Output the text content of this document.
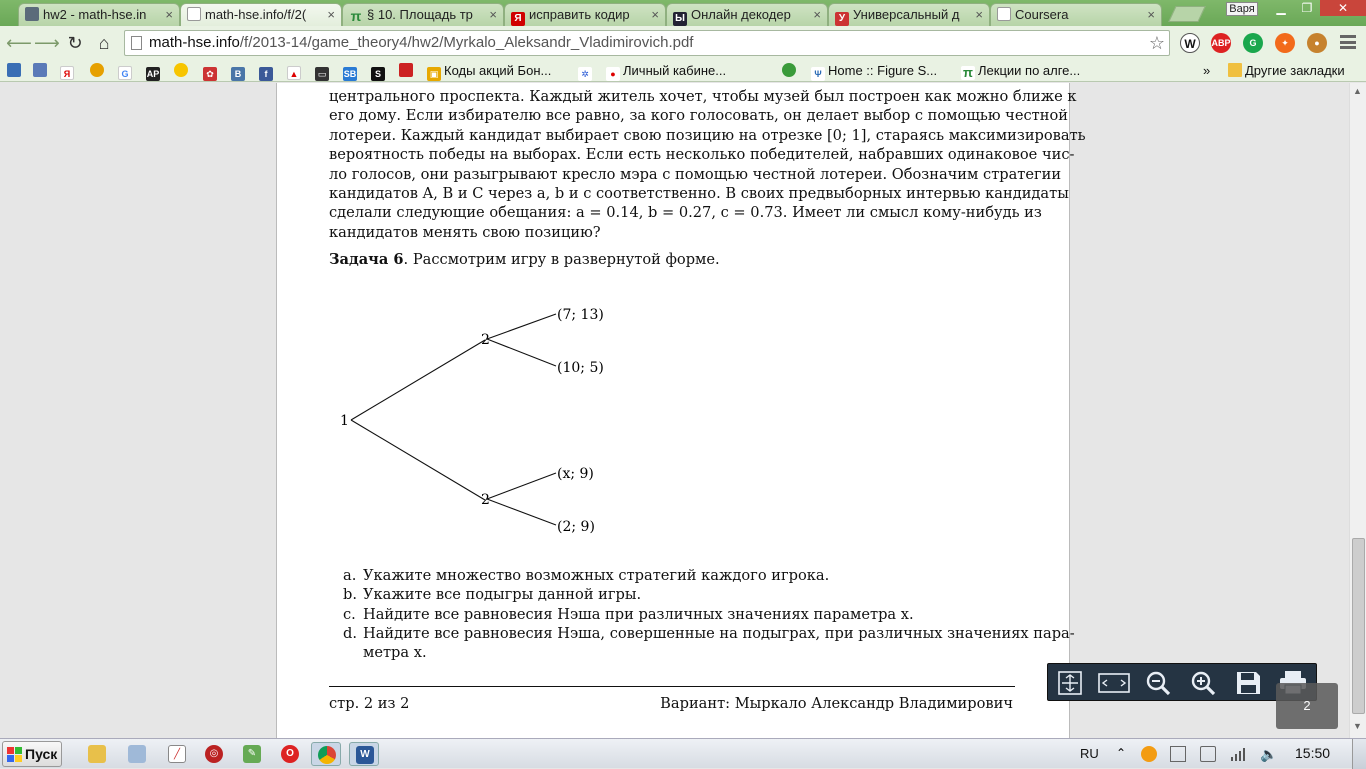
hw2 - math-hse.in ×	math-hse.info/f/2( ×	π § 10. Площадь тр ×	Я исправить кодир ×	Ы Онлайн декодер ×	У Универсальный д ×	Coursera	×	Варя	▁	❐	✕
⟵ ⟶ ↻ ⌂	math-hse.info/f/2013-14/game_theory4/hw2/Myrkalo_Aleksandr_Vladimirovich.pdf	☆	W	ABP	G	✦	●
Я	G	AP	✿	B	f	▲	▭	SB	S	▣ Коды акций Бон...	✲	● Личный кабине...	Ψ Home :: Figure S... π Лекции по алге...	»	Другие закладки
центрального проспекта. Каждый житель хочет, чтобы музей был построен как можно ближе к
его дому. Если избирателю все равно, за кого голосовать, он делает выбор с помощью честной
лотереи. Каждый кандидат выбирает свою позицию на отрезке [0; 1], стараясь максимизировать
вероятность победы на выборах. Если есть несколько победителей, набравших одинаковое чис-
ло голосов, они разыгрывают кресло мэра с помощью честной лотереи. Обозначим стратегии
кандидатов A, B и C через a, b и c соответственно. В своих предвыборных интервью кандидаты
сделали следующие обещания: a = 0.14, b = 0.27, c = 0.73. Имеет ли смысл кому-нибудь из
кандидатов менять свою позицию?
Задача 6. Рассмотрим игру в развернутой форме.
1
2
2
(7; 13)
(10; 5)
(x; 9)
(2; 9)
a. Укажите множество возможных стратегий каждого игрока.
b. Укажите все подыгры данной игры.
c. Найдите все равновесия Нэша при различных значениях параметра x.
d. Найдите все равновесия Нэша, совершенные на подыграх, при различных значениях пара-
метра x.
стр. 2 из 2	Вариант: Мыркало Александр Владимирович
▲
▼
2
Пуск	╱	◎	✎	O	W	RU ⌃	🔈 15:50
